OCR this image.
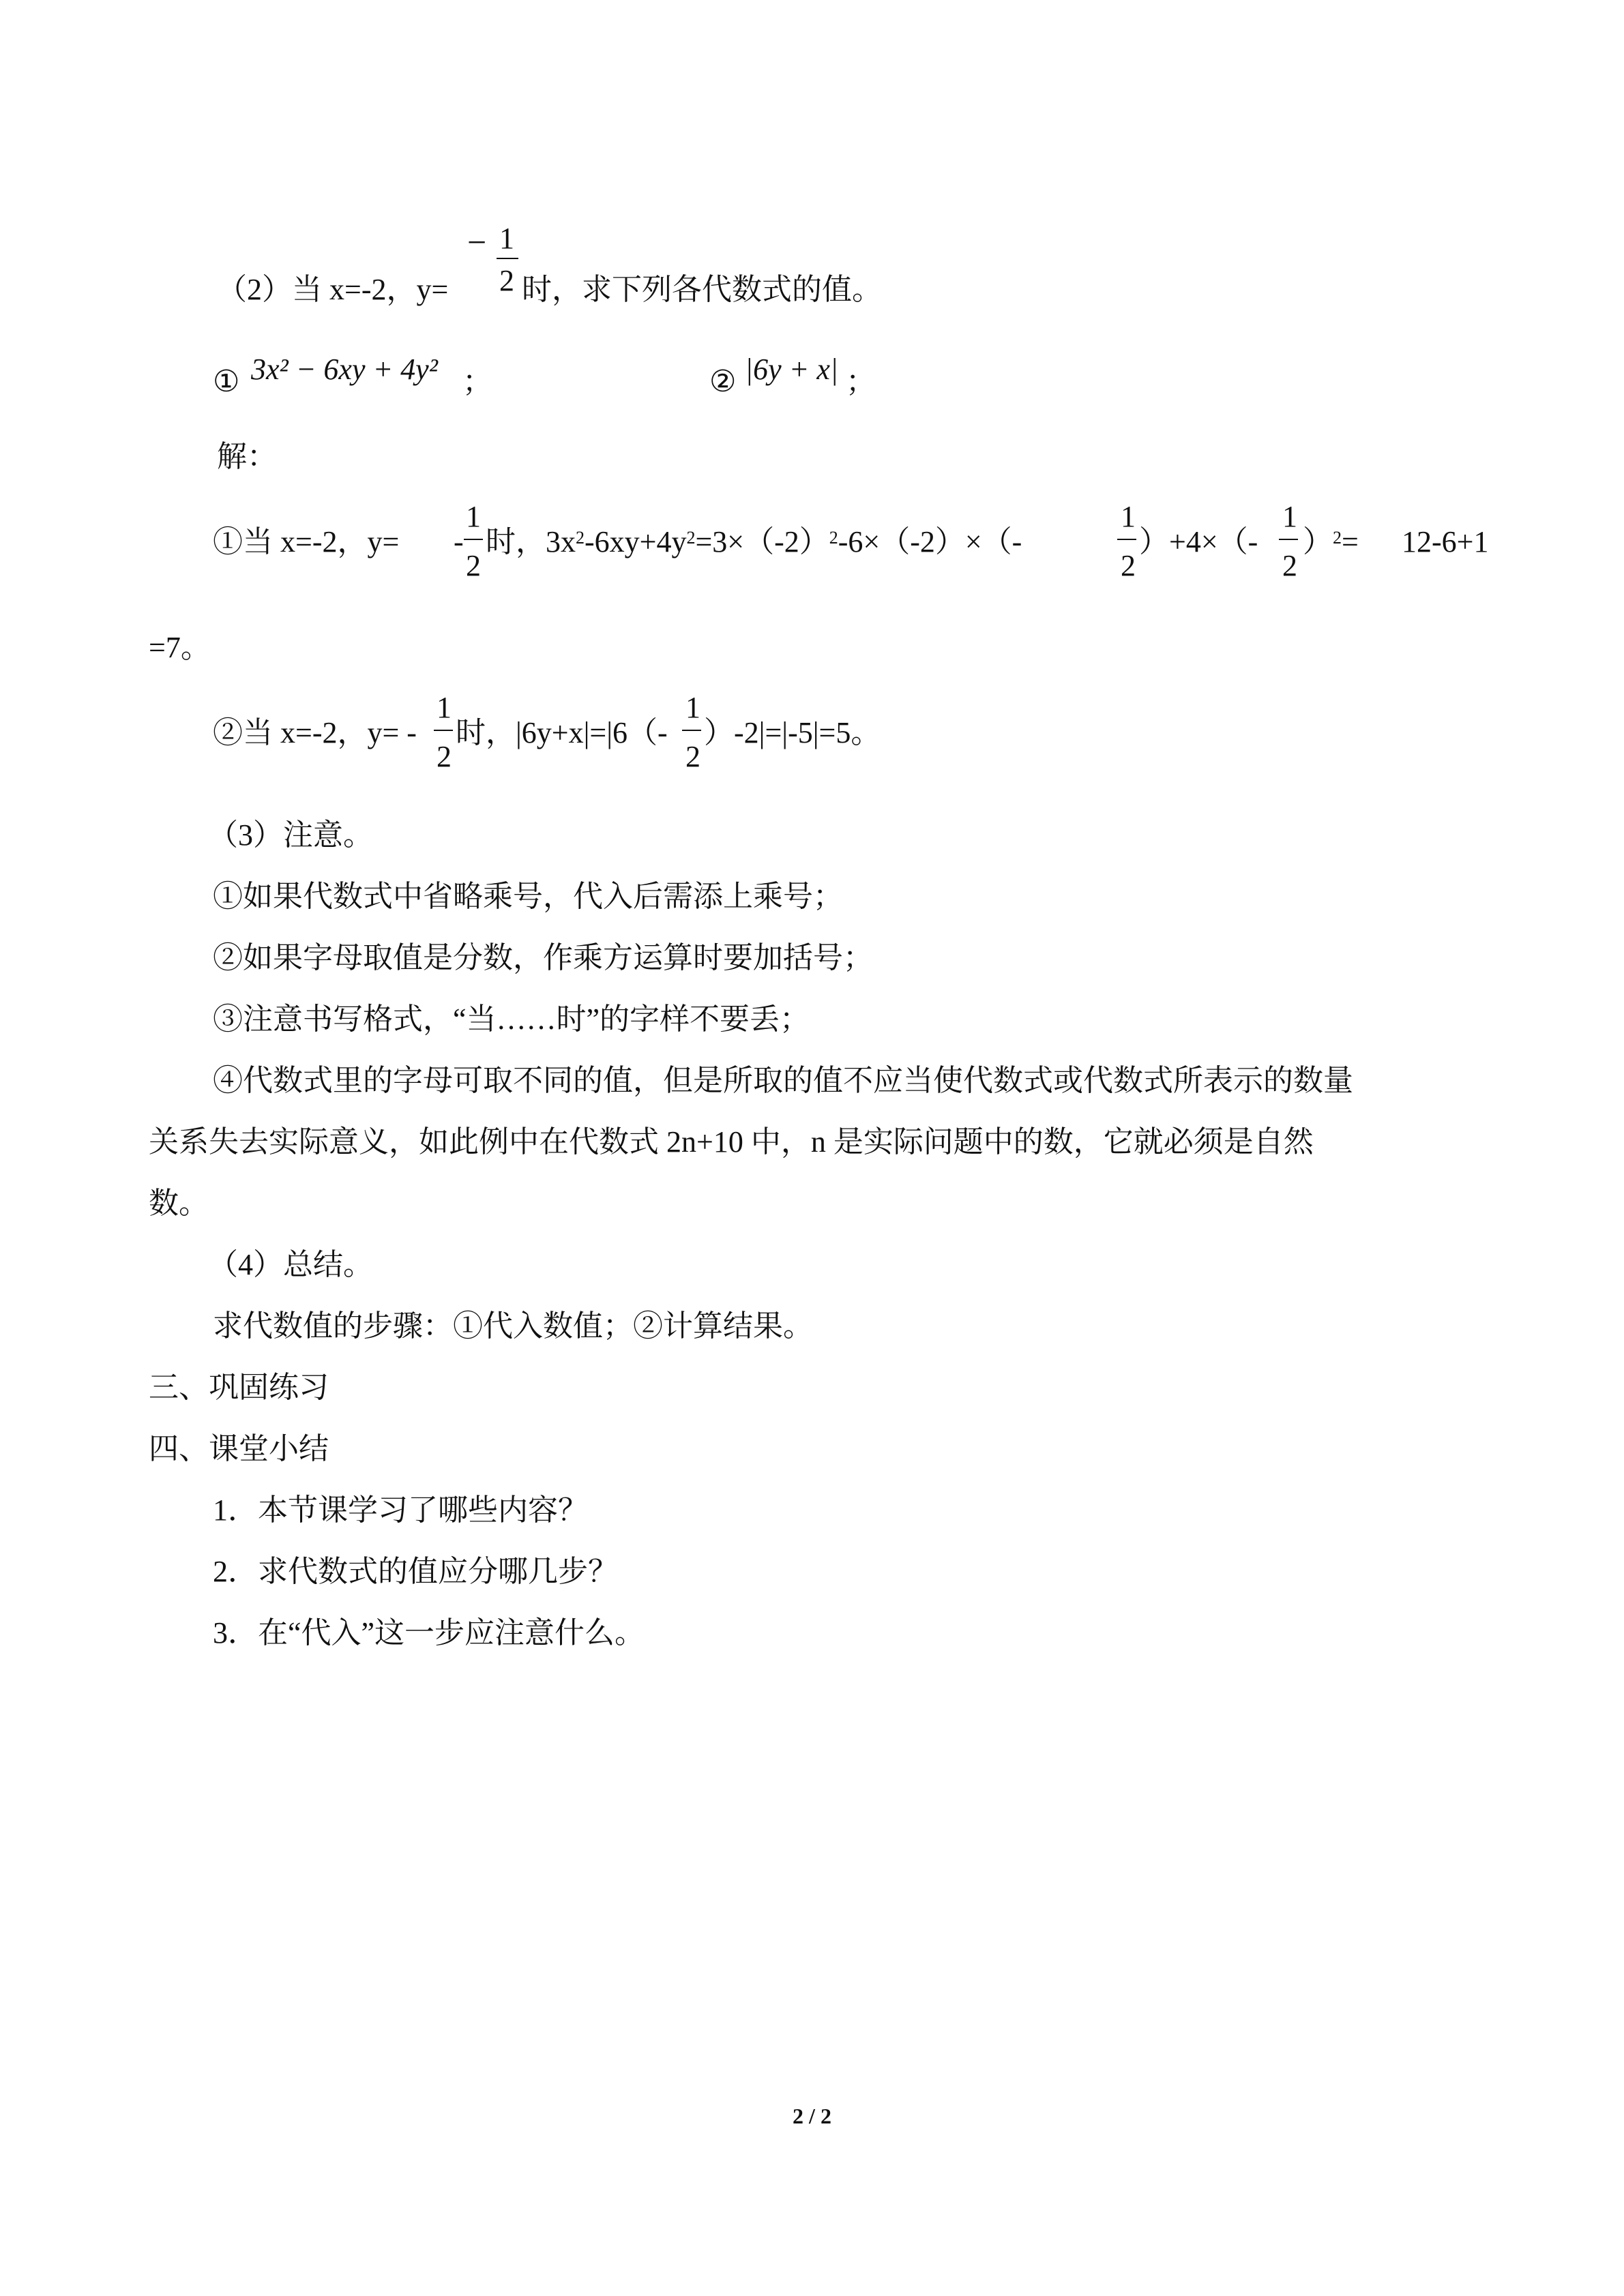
（2）当 x=-2，y=
− 1
2 时，求下列各代数式的值。
① 3x² − 6xy + 4y² ；	② |6y + x| ；
解：
①当 x=-2，y= -
1
2
时，$3x^2-6xy+4y^2=3\times(-2)^2-6\times(-2)\times(-$
1
2
）+4×（-
1
2
）$^2$= 12-6+1
=7。
②当 x=-2，y= -
1
2
时，|6y+x|=|6（-
1
2
）-2|=|-5|=5。
（3）注意。
①如果代数式中省略乘号，代入后需添上乘号；
②如果字母取值是分数，作乘方运算时要加括号；
③注意书写格式，“当……时”的字样不要丢；
④代数式里的字母可取不同的值，但是所取的值不应当使代数式或代数式所表示的数量
关系失去实际意义，如此例中在代数式 2n+10 中，n 是实际问题中的数，它就必须是自然
数。
（4）总结。
求代数值的步骤：①代入数值；②计算结果。
三、巩固练习
四、课堂小结
1．本节课学习了哪些内容？
2．求代数式的值应分哪几步？
3．在“代入”这一步应注意什么。
2 / 2
